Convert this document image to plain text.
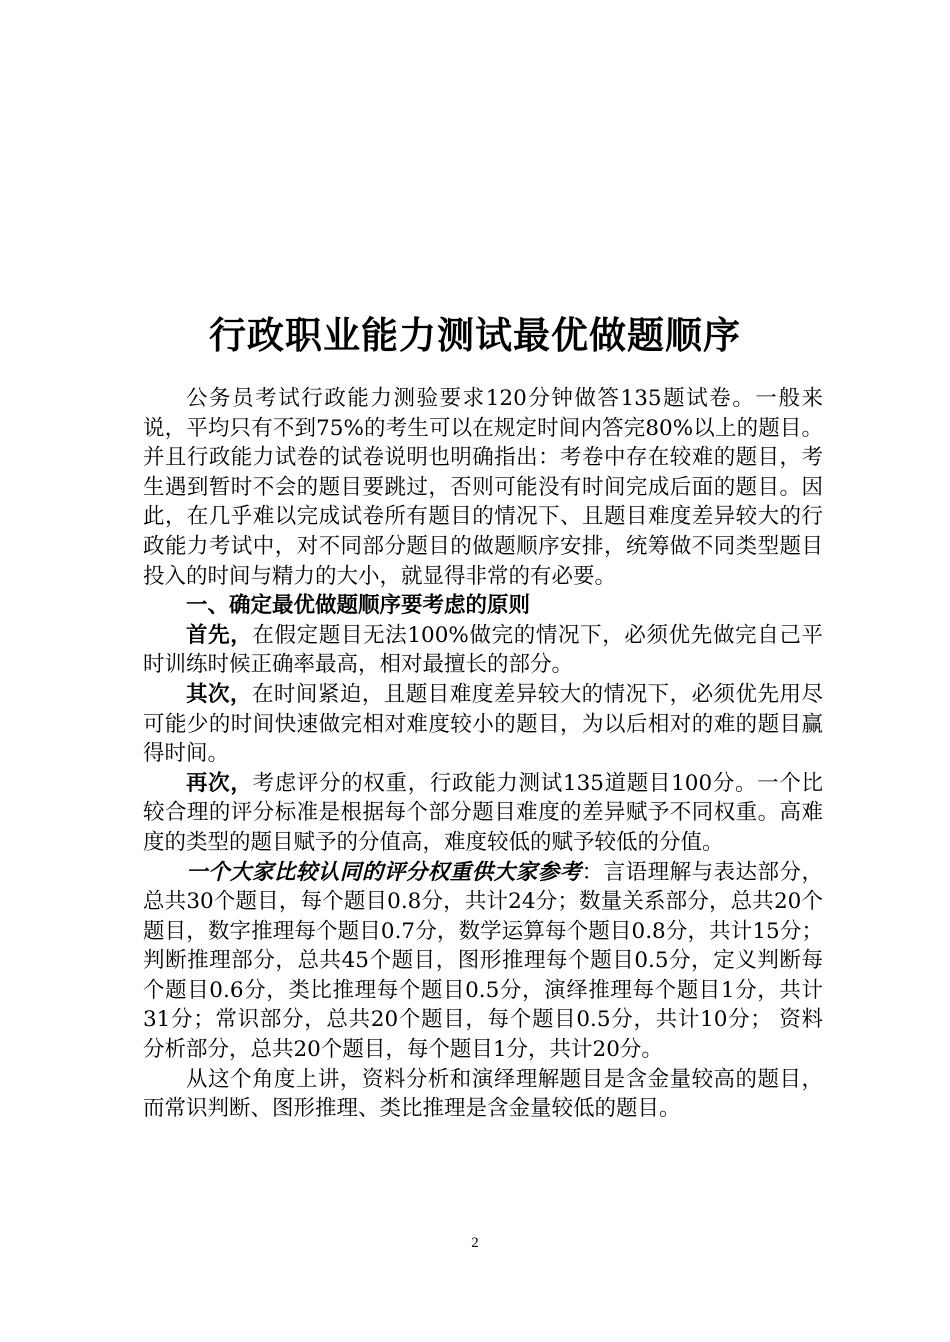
行政职业能力测试最优做题顺序

公务员考试行政能力测验要求120分钟做答135题试卷。一般来说，平均只有不到75%的考生可以在规定时间内答完80%以上的题目。并且行政能力试卷的试卷说明也明确指出：考卷中存在较难的题目，考生遇到暂时不会的题目要跳过，否则可能没有时间完成后面的题目。因此，在几乎难以完成试卷所有题目的情况下、且题目难度差异较大的行政能力考试中，对不同部分题目的做题顺序安排，统筹做不同类型题目投入的时间与精力的大小，就显得非常的有必要。

一、确定最优做题顺序要考虑的原则

首先，在假定题目无法100%做完的情况下，必须优先做完自己平时训练时候正确率最高，相对最擅长的部分。

其次，在时间紧迫，且题目难度差异较大的情况下，必须优先用尽可能少的时间快速做完相对难度较小的题目，为以后相对的难的题目赢得时间。

再次，考虑评分的权重，行政能力测试135道题目100分。一个比较合理的评分标准是根据每个部分题目难度的差异赋予不同权重。高难度的类型的题目赋予的分值高，难度较低的赋予较低的分值。

一个大家比较认同的评分权重供大家参考：言语理解与表达部分，总共30个题目，每个题目0.8分，共计24分；数量关系部分，总共20个题目，数字推理每个题目0.7分，数学运算每个题目0.8分，共计15分；判断推理部分，总共45个题目，图形推理每个题目0.5分，定义判断每个题目0.6分，类比推理每个题目0.5分，演绎推理每个题目1分，共计31分；常识部分，总共20个题目，每个题目0.5分，共计10分； 资料分析部分，总共20个题目，每个题目1分，共计20分。

从这个角度上讲，资料分析和演绎理解题目是含金量较高的题目，而常识判断、图形推理、类比推理是含金量较低的题目。

2
